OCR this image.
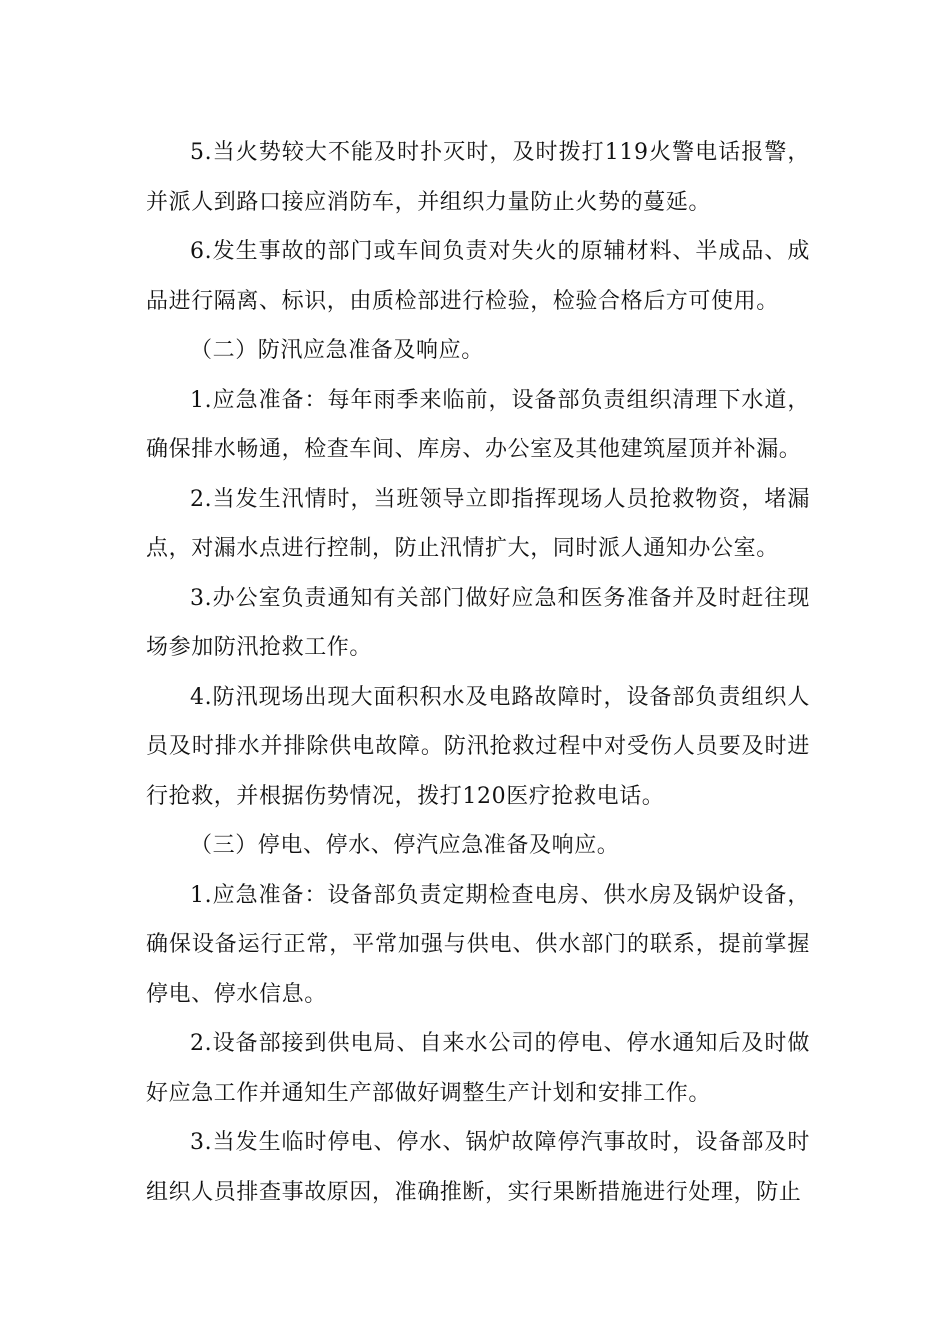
5.当火势较大不能及时扑灭时，及时拨打119火警电话报警，并派人到路口接应消防车，并组织力量防止火势的蔓延。

6.发生事故的部门或车间负责对失火的原辅材料、半成品、成品进行隔离、标识，由质检部进行检验，检验合格后方可使用。

（二）防汛应急准备及响应。

1.应急准备：每年雨季来临前，设备部负责组织清理下水道，确保排水畅通，检查车间、库房、办公室及其他建筑屋顶并补漏。

2.当发生汛情时，当班领导立即指挥现场人员抢救物资，堵漏点，对漏水点进行控制，防止汛情扩大，同时派人通知办公室。

3.办公室负责通知有关部门做好应急和医务准备并及时赶往现场参加防汛抢救工作。

4.防汛现场出现大面积积水及电路故障时，设备部负责组织人员及时排水并排除供电故障。防汛抢救过程中对受伤人员要及时进行抢救，并根据伤势情况，拨打120医疗抢救电话。

（三）停电、停水、停汽应急准备及响应。

1.应急准备：设备部负责定期检查电房、供水房及锅炉设备，确保设备运行正常，平常加强与供电、供水部门的联系，提前掌握停电、停水信息。

2.设备部接到供电局、自来水公司的停电、停水通知后及时做好应急工作并通知生产部做好调整生产计划和安排工作。

3.当发生临时停电、停水、锅炉故障停汽事故时，设备部及时组织人员排查事故原因，准确推断，实行果断措施进行处理，防止
